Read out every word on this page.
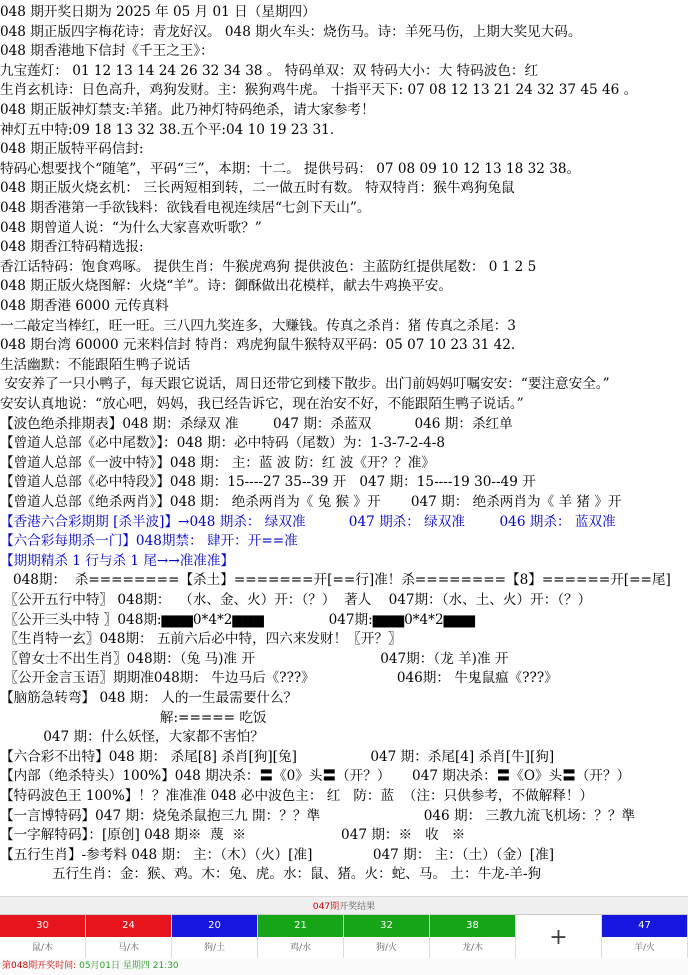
048 期开奖日期为 2025 年 05 月 01 日（星期四）
048 期正版四字梅花诗：青龙好汉。 048 期火车头：烧伤马。诗：羊死马伤，上期大奖见大码。
048 期香港地下信封《千王之王》：
九宝莲灯： 01 12 13 14 24 26 32 34 38 。 特码单双：双 特码大小：大 特码波色：红
生肖玄机诗：日色高升，鸡狗发财。主：猴狗鸡牛虎。 十指平天下: 07 08 12 13 21 24 32 37 45 46 。
048 期正版神灯禁支:羊猪。此乃神灯特码绝杀，请大家参考！
神灯五中特:09 18 13 32 38.五个平:04 10 19 23 31.
048 期正版特平码信封:
特码心想要找个“随笔”，平码“三”，本期：十二。 提供号码： 07 08 09 10 12 13 18 32 38。
048 期正版火烧玄机： 三长两短相到转，二一做五时有数。 特双特肖：猴牛鸡狗兔鼠
048 期香港第一手欲钱料：欲钱看电视连续居“七剑下天山”。
048 期曾道人说：“为什么大家喜欢听歌？”
048 期香江特码精选报:
香江话特码：饱食鸡啄。 提供生肖：牛猴虎鸡狗 提供波色：主蓝防红提供尾数： 0 1 2 5
048 期正版火烧图解：火烧“羊”。诗：御酥做出花模样，献去牛鸡换平安。
048 期香港 6000 元传真料
一二敲定当棒红，旺一旺。三八四九奖连多，大赚钱。传真之杀肖：猪 传真之杀尾：3
048 期台湾 60000 元来料信封 特肖：鸡虎狗鼠牛猴特双平码：05 07 10 23 31 42.
生活幽默：不能跟陌生鸭子说话
安安养了一只小鸭子，每天跟它说话，周日还带它到楼下散步。出门前妈妈叮嘱安安：“要注意安全。”
安安认真地说：“放心吧，妈妈，我已经告诉它，现在治安不好，不能跟陌生鸭子说话。”
【波色绝杀排期表】048 期：杀绿双 准        047 期：杀蓝双          046 期：杀红单
【曾道人总部《必中尾数》】：048 期：必中特码（尾数）为：1-3-7-2-4-8
【曾道人总部《一波中特》】048 期： 主：蓝 波 防：红 波《开？？准》
【曾道人总部《必中特段》】048 期：15----27 35--39 开   047 期：15----19 30--49 开
【曾道人总部《绝杀两肖》】048 期： 绝杀两肖为《 兔 猴 》开       047 期： 绝杀两肖为《 羊 猪 》开
【香港六合彩期期 [杀半波]】→048 期杀： 绿双准          047 期杀： 绿双准        046 期杀： 蓝双准
【六合彩每期杀一门】048期禁： 肆开：开==准
【期期精杀 1 行与杀 1 尾→→准准准】
048期：  杀========【杀土】=======开[==行]准！杀========【8】======开[==尾]
〖公开五行中特〗 048期：  （水、金、火）开：（？）  著人    047期：（水、土、火）开：（？）
〖公开三头中特 〗048期:▆▆▆0*4*2▆▆▆               047期:▆▆▆0*4*2▆▆▆
〖生肖特一玄〗048期： 五前六后必中特，四六来发财！〖开？〗
〖曾女士不出生肖〗048期：（兔 马)准 开                             047期：（龙 羊)准 开
〖公开金言玉语〗期期准048期： 牛边马后《???》                   046期： 牛鬼鼠瘟《???》
【脑筋急转弯】 048 期： 人的一生最需要什么？
解:===== 吃饭
047 期：什么妖怪，大家都不害怕？
【六合彩不出特】048 期： 杀尾[8] 杀肖[狗][兔]                 047 期：杀尾[4] 杀肖[牛][狗]
【内部（绝杀特头）100%】048 期决杀：〓《0》头〓（开？）     047 期决杀：〓《O》头〓（开？）
【特码波色王 100%】！？准准准 048 必中波色主： 红   防：蓝  （注：只供参考，不做解释！）
【一言博特码】047 期：烧兔杀鼠抱三九 開：？？準                        046 期： 三教九流飞机场：？？準
【一字解特码】：[原创] 048 期※  蔑  ※                      047 期：※   收   ※
【五行生肖】-参考料 048 期： 主：（木）（火）[准]              047 期： 主：（土）（金）[准]
五行生肖：金：猴、鸡。木：兔、虎。水：鼠、猪。火：蛇、马。 土：牛龙-羊-狗
047期开奖结果
30
鼠/木
24
马/木
20
狗/土
21
鸡/水
32
狗/火
38
龙/木	+	47
羊/火
第048期开奖时间: 05月01日 星期四 21:30
